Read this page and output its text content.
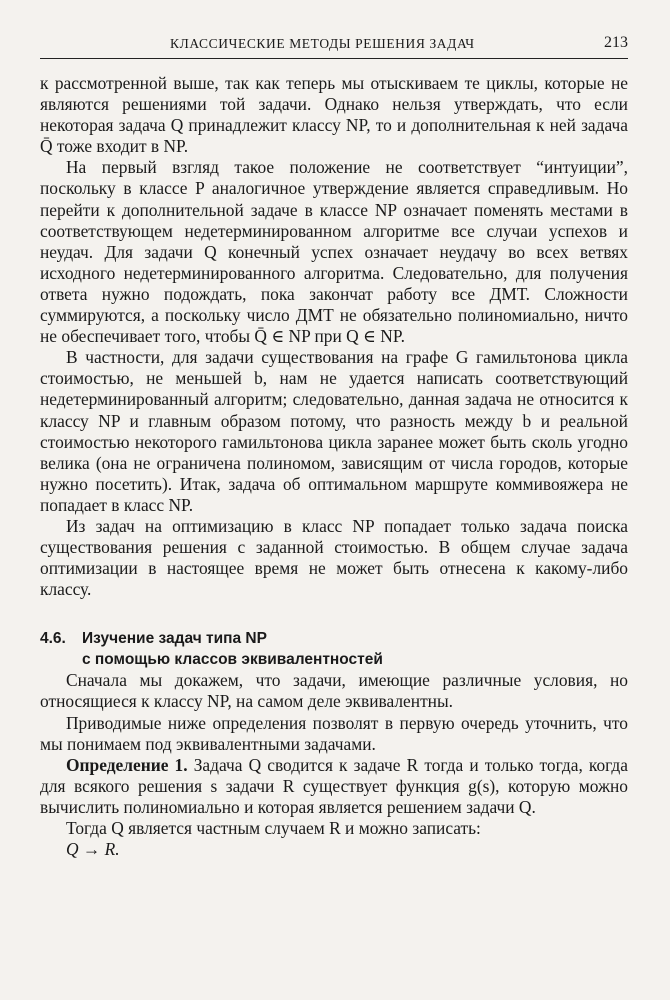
КЛАССИЧЕСКИЕ МЕТОДЫ РЕШЕНИЯ ЗАДАЧ	213

к рассмотренной выше, так как теперь мы отыскиваем те циклы, которые не являются решениями той задачи. Однако нельзя утверждать, что если некоторая задача Q принадлежит классу NP, то и дополнительная к ней задача Q̄ тоже входит в NP.

На первый взгляд такое положение не соответствует “интуиции”, поскольку в классе P аналогичное утверждение является справедливым. Но перейти к дополнительной задаче в классе NP означает поменять местами в соответствующем недетерминированном алгоритме все случаи успехов и неудач. Для задачи Q конечный успех означает неудачу во всех ветвях исходного недетерминированного алгоритма. Следовательно, для получения ответа нужно подождать, пока закончат работу все ДМТ. Сложности суммируются, а поскольку число ДМТ не обязательно полиномиально, ничто не обеспечивает того, чтобы Q̄ ∈ NP при Q ∈ NP.

В частности, для задачи существования на графе G гамильтонова цикла стоимостью, не меньшей b, нам не удается написать соответствующий недетерминированный алгоритм; следовательно, данная задача не относится к классу NP и главным образом потому, что разность между b и реальной стоимостью некоторого гамильтонова цикла заранее может быть сколь угодно велика (она не ограничена полиномом, зависящим от числа городов, которые нужно посетить). Итак, задача об оптимальном маршруте коммивояжера не попадает в класс NP.

Из задач на оптимизацию в класс NP попадает только задача поиска существования решения с заданной стоимостью. В общем случае задача оптимизации в настоящее время не может быть отнесена к какому-либо классу.

4.6. Изучение задач типа NP
с помощью классов эквивалентностей

Сначала мы докажем, что задачи, имеющие различные условия, но относящиеся к классу NP, на самом деле эквивалентны.

Приводимые ниже определения позволят в первую очередь уточнить, что мы понимаем под эквивалентными задачами.

Определение 1. Задача Q сводится к задаче R тогда и только тогда, когда для всякого решения s задачи R существует функция g(s), которую можно вычислить полиномиально и которая является решением задачи Q.

Тогда Q является частным случаем R и можно записать:

Q → R.
